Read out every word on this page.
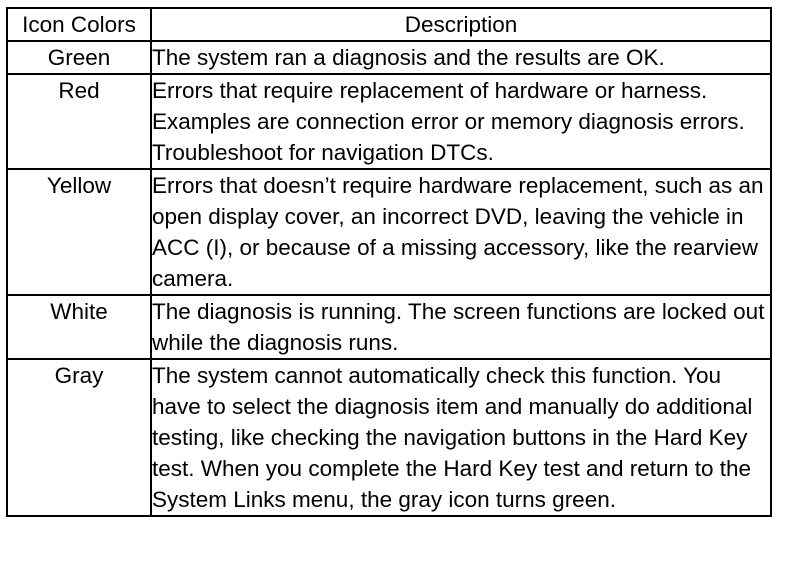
Icon Colors	Description
Green	The system ran a diagnosis and the results are OK.
Red	Errors that require replacement of hardware or harness. Examples are connection error or memory diagnosis errors. Troubleshoot for navigation DTCs.
Yellow	Errors that doesn’t require hardware replacement, such as an open display cover, an incorrect DVD, leaving the vehicle in ACC (I), or because of a missing accessory, like the rearview camera.
White	The diagnosis is running. The screen functions are locked out while the diagnosis runs.
Gray	The system cannot automatically check this function. You have to select the diagnosis item and manually do additional testing, like checking the navigation buttons in the Hard Key test. When you complete the Hard Key test and return to the System Links menu, the gray icon turns green.
